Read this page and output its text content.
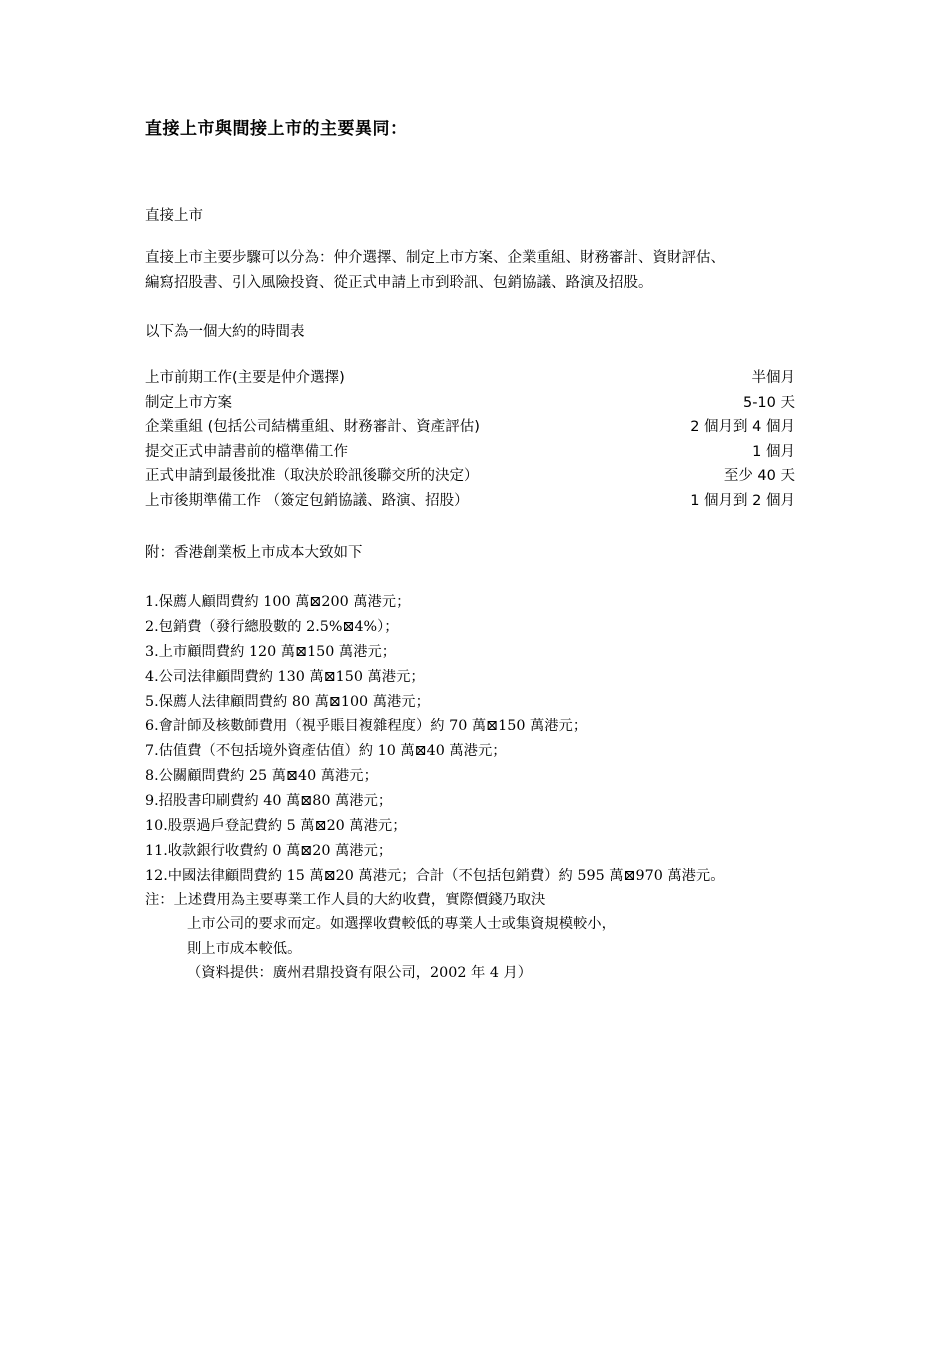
直接上市與間接上市的主要異同：
直接上市
直接上市主要步驟可以分為：仲介選擇、制定上市方案、企業重組、財務審計、資財評估、
編寫招股書、引入風險投資、從正式申請上市到聆訊、包銷協議、路演及招股。
以下為一個大約的時間表
上市前期工作(主要是仲介選擇)	半個月
制定上市方案	5-10 天
企業重組 (包括公司結構重組、財務審計、資產評估)	2 個月到 4 個月
提交正式申請書前的檔準備工作	1 個月
正式申請到最後批准（取決於聆訊後聯交所的決定）	至少 40 天
上市後期準備工作 （簽定包銷協議、路演、招股）	1 個月到 2 個月
附：香港創業板上市成本大致如下
1.保薦人顧問費約 100 萬⊠200 萬港元；
2.包銷費（發行總股數的 2.5%⊠4%）；
3.上市顧問費約 120 萬⊠150 萬港元；
4.公司法律顧問費約 130 萬⊠150 萬港元；
5.保薦人法律顧問費約 80 萬⊠100 萬港元；
6.會計師及核數師費用（視乎賬目複雜程度）約 70 萬⊠150 萬港元；
7.估值費（不包括境外資產估值）約 10 萬⊠40 萬港元；
8.公關顧問費約 25 萬⊠40 萬港元；
9.招股書印刷費約 40 萬⊠80 萬港元；
10.股票過戶登記費約 5 萬⊠20 萬港元；
11.收款銀行收費約 0 萬⊠20 萬港元；
12.中國法律顧問費約 15 萬⊠20 萬港元；合計（不包括包銷費）約 595 萬⊠970 萬港元。
注：上述費用為主要專業工作人員的大約收費，實際價錢乃取決
上市公司的要求而定。如選擇收費較低的專業人士或集資規模較小，
則上市成本較低。
（資料提供：廣州君鼎投資有限公司，2002 年 4 月）
